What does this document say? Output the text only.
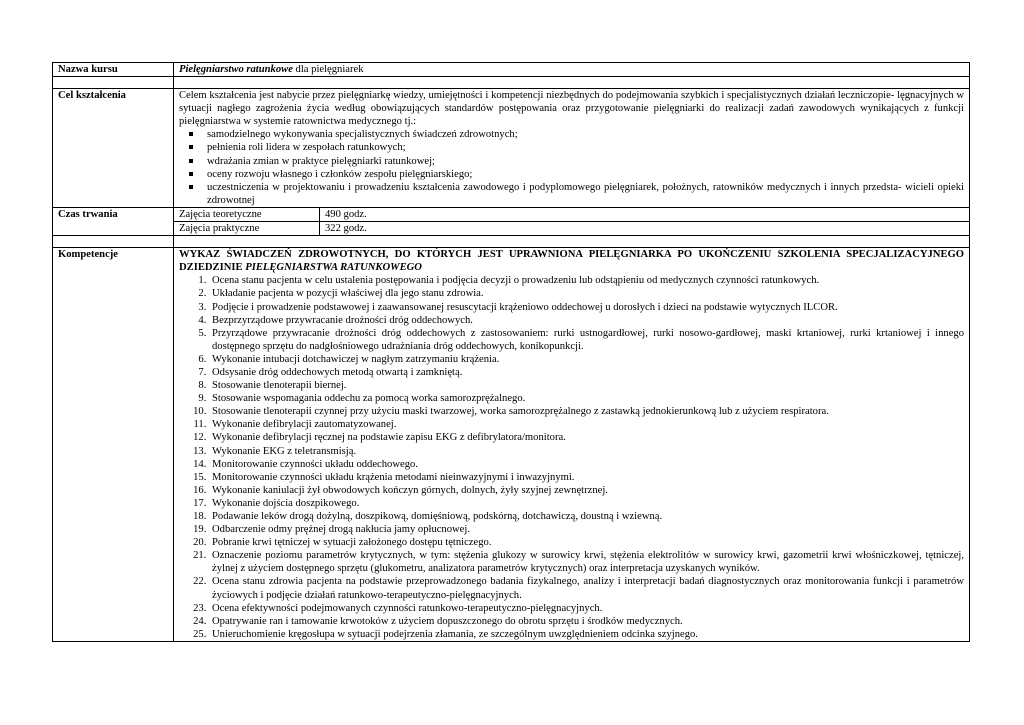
Nazwa kursu	Pielęgniarstwo ratunkowe dla pielęgniarek

Cel kształcenia	Celem kształcenia jest nabycie przez pielęgniarkę wiedzy, umiejętności i kompetencji niezbędnych do podejmowania szybkich i specjalistycznych działań leczniczopie- lęgnacyjnych w sytuacji nagłego zagrożenia życia według obowiązujących standardów postępowania oraz przygotowanie pielęgniarki do realizacji zadań zawodowych wynikających z funkcji pielęgniarstwa w systemie ratownictwa medycznego tj.:
samodzielnego wykonywania specjalistycznych świadczeń zdrowotnych;
pełnienia roli lidera w zespołach ratunkowych;
wdrażania zmian w praktyce pielęgniarki ratunkowej;
oceny rozwoju własnego i członków zespołu pielęgniarskiego;
uczestniczenia w projektowaniu i prowadzeniu kształcenia zawodowego i podyplomowego pielęgniarek, położnych, ratowników medycznych i innych przedsta- wicieli opieki zdrowotnej

Czas trwania		Zajęcia teoretyczne	490 godz.

Zajęcia praktyczne	322 godz.

Kompetencje	WYKAZ ŚWIADCZEŃ ZDROWOTNYCH, DO KTÓRYCH JEST UPRAWNIONA PIELĘGNIARKA PO UKOŃCZENIU SZKOLENIA SPECJALIZACYJNEGO DZIEDZINIE PIELĘGNIARSTWA RATUNKOWEGO
1. Ocena stanu pacjenta w celu ustalenia postępowania i podjęcia decyzji o prowadzeniu lub odstąpieniu od medycznych czynności ratunkowych.
2. Układanie pacjenta w pozycji właściwej dla jego stanu zdrowia.
3. Podjęcie i prowadzenie podstawowej i zaawansowanej resuscytacji krążeniowo oddechowej u dorosłych i dzieci na podstawie wytycznych ILCOR.
4. Bezprzyrządowe przywracanie drożności dróg oddechowych.
5. Przyrządowe przywracanie drożności dróg oddechowych z zastosowaniem: rurki ustnogardłowej, rurki nosowo-gardłowej, maski krtaniowej, rurki krtaniowej i innego dostępnego sprzętu do nadgłośniowego udrażniania dróg oddechowych, konikopunkcji.
6. Wykonanie intubacji dotchawiczej w nagłym zatrzymaniu krążenia.
7. Odsysanie dróg oddechowych metodą otwartą i zamkniętą.
8. Stosowanie tlenoterapii biernej.
9. Stosowanie wspomagania oddechu za pomocą worka samorozprężalnego.
10. Stosowanie tlenoterapii czynnej przy użyciu maski twarzowej, worka samorozprężalnego z zastawką jednokierunkową lub z użyciem respiratora.
11. Wykonanie defibrylacji zautomatyzowanej.
12. Wykonanie defibrylacji ręcznej na podstawie zapisu EKG z defibrylatora/monitora.
13. Wykonanie EKG z teletransmisją.
14. Monitorowanie czynności układu oddechowego.
15. Monitorowanie czynności układu krążenia metodami nieinwazyjnymi i inwazyjnymi.
16. Wykonanie kaniulacji żył obwodowych kończyn górnych, dolnych, żyły szyjnej zewnętrznej.
17. Wykonanie dojścia doszpikowego.
18. Podawanie leków drogą dożylną, doszpikową, domięśniową, podskórną, dotchawiczą, doustną i wziewną.
19. Odbarczenie odmy prężnej drogą nakłucia jamy opłucnowej.
20. Pobranie krwi tętniczej w sytuacji założonego dostępu tętniczego.
21. Oznaczenie poziomu parametrów krytycznych, w tym: stężenia glukozy w surowicy krwi, stężenia elektrolitów w surowicy krwi, gazometrii krwi włośniczkowej, tętniczej, żylnej z użyciem dostępnego sprzętu (glukometru, analizatora parametrów krytycznych) oraz interpretacja uzyskanych wyników.
22. Ocena stanu zdrowia pacjenta na podstawie przeprowadzonego badania fizykalnego, analizy i interpretacji badań diagnostycznych oraz monitorowania funkcji i parametrów życiowych i podjęcie działań ratunkowo-terapeutyczno-pielęgnacyjnych.
23. Ocena efektywności podejmowanych czynności ratunkowo-terapeutyczno-pielęgnacyjnych.
24. Opatrywanie ran i tamowanie krwotoków z użyciem dopuszczonego do obrotu sprzętu i środków medycznych.
25. Unieruchomienie kręgosłupa w sytuacji podejrzenia złamania, ze szczególnym uwzględnieniem odcinka szyjnego.
